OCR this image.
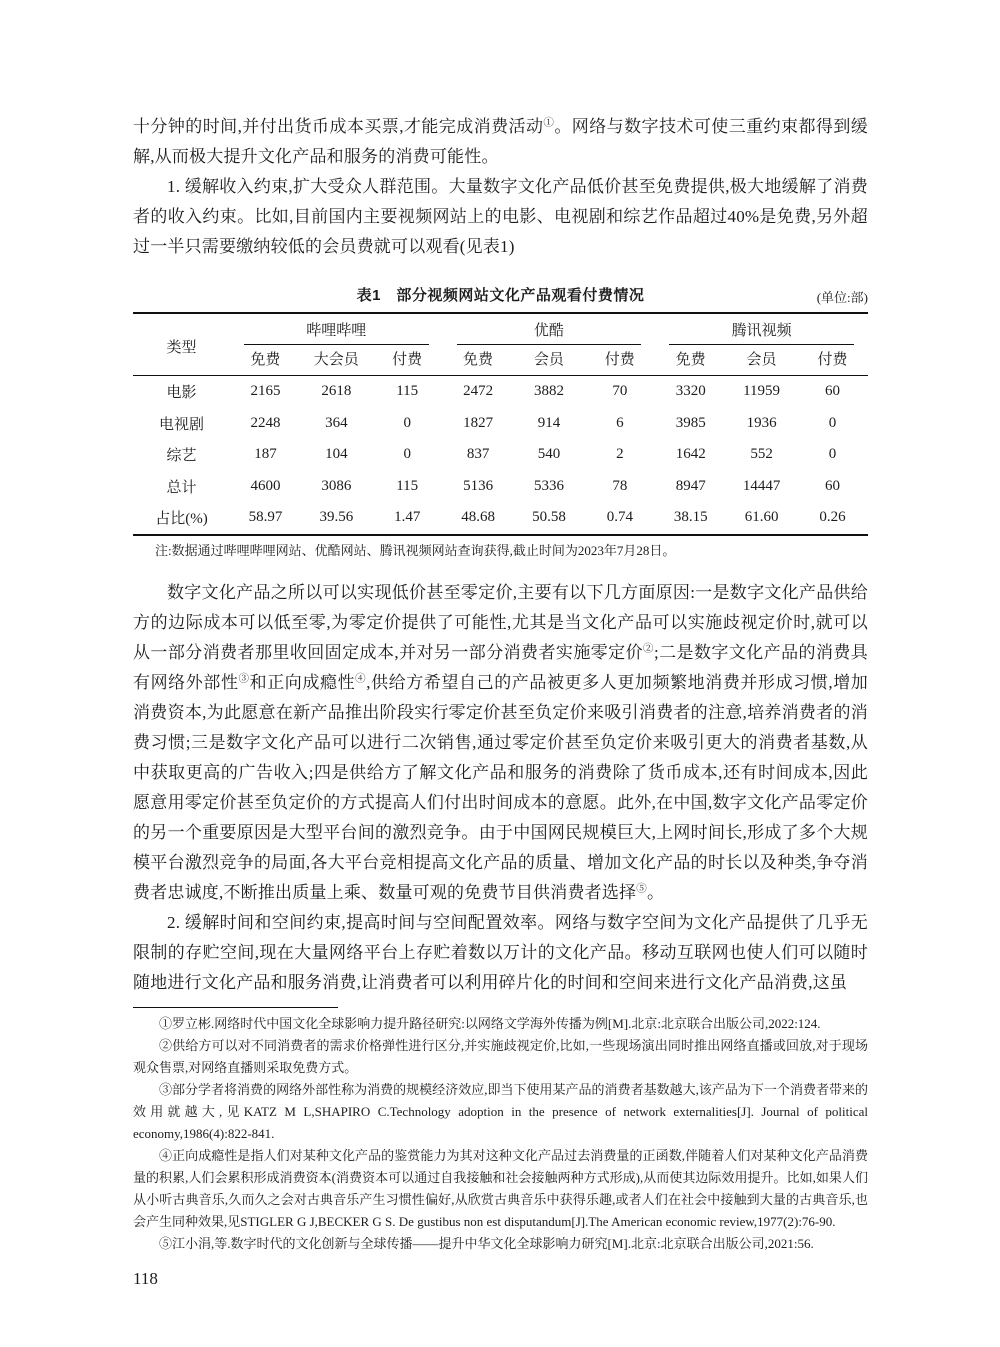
十分钟的时间,并付出货币成本买票,才能完成消费活动①。网络与数字技术可使三重约束都得到缓解,从而极大提升文化产品和服务的消费可能性。

1. 缓解收入约束,扩大受众人群范围。大量数字文化产品低价甚至免费提供,极大地缓解了消费者的收入约束。比如,目前国内主要视频网站上的电影、电视剧和综艺作品超过40%是免费,另外超过一半只需要缴纳较低的会员费就可以观看(见表1)

表1　部分视频网站文化产品观看付费情况	(单位:部)
类型	哔哩哔哩			优酷			腾讯视频		

	免费	大会员	付费	免费	会员	付费	免费	会员	付费
电影	2165	2618	115	2472	3882	70	3320	11959	60
电视剧	2248	364	0	1827	914	6	3985	1936	0
综艺	187	104	0	837	540	2	1642	552	0
总计	4600	3086	115	5136	5336	78	8947	14447	60
占比(%)	58.97	39.56	1.47	48.68	50.58	0.74	38.15	61.60	0.26

注:数据通过哔哩哔哩网站、优酷网站、腾讯视频网站查询获得,截止时间为2023年7月28日。

数字文化产品之所以可以实现低价甚至零定价,主要有以下几方面原因:一是数字文化产品供给方的边际成本可以低至零,为零定价提供了可能性,尤其是当文化产品可以实施歧视定价时,就可以从一部分消费者那里收回固定成本,并对另一部分消费者实施零定价②;二是数字文化产品的消费具有网络外部性③和正向成瘾性④,供给方希望自己的产品被更多人更加频繁地消费并形成习惯,增加消费资本,为此愿意在新产品推出阶段实行零定价甚至负定价来吸引消费者的注意,培养消费者的消费习惯;三是数字文化产品可以进行二次销售,通过零定价甚至负定价来吸引更大的消费者基数,从中获取更高的广告收入;四是供给方了解文化产品和服务的消费除了货币成本,还有时间成本,因此愿意用零定价甚至负定价的方式提高人们付出时间成本的意愿。此外,在中国,数字文化产品零定价的另一个重要原因是大型平台间的激烈竞争。由于中国网民规模巨大,上网时间长,形成了多个大规模平台激烈竞争的局面,各大平台竞相提高文化产品的质量、增加文化产品的时长以及种类,争夺消费者忠诚度,不断推出质量上乘、数量可观的免费节目供消费者选择⑤。

2. 缓解时间和空间约束,提高时间与空间配置效率。网络与数字空间为文化产品提供了几乎无限制的存贮空间,现在大量网络平台上存贮着数以万计的文化产品。移动互联网也使人们可以随时随地进行文化产品和服务消费,让消费者可以利用碎片化的时间和空间来进行文化产品消费,这虽

①罗立彬.网络时代中国文化全球影响力提升路径研究:以网络文学海外传播为例[M].北京:北京联合出版公司,2022:124.

②供给方可以对不同消费者的需求价格弹性进行区分,并实施歧视定价,比如,一些现场演出同时推出网络直播或回放,对于现场观众售票,对网络直播则采取免费方式。

③部分学者将消费的网络外部性称为消费的规模经济效应,即当下使用某产品的消费者基数越大,该产品为下一个消费者带来的效用就越大,见KATZ M L,SHAPIRO C.Technology adoption in the presence of network externalities[J]. Journal of political economy,1986(4):822-841.

④正向成瘾性是指人们对某种文化产品的鉴赏能力为其对这种文化产品过去消费量的正函数,伴随着人们对某种文化产品消费量的积累,人们会累积形成消费资本(消费资本可以通过自我接触和社会接触两种方式形成),从而使其边际效用提升。比如,如果人们从小听古典音乐,久而久之会对古典音乐产生习惯性偏好,从欣赏古典音乐中获得乐趣,或者人们在社会中接触到大量的古典音乐,也会产生同种效果,见STIGLER G J,BECKER G S. De gustibus non est disputandum[J].The American economic review,1977(2):76-90.

⑤江小涓,等.数字时代的文化创新与全球传播——提升中华文化全球影响力研究[M].北京:北京联合出版公司,2021:56.

118
